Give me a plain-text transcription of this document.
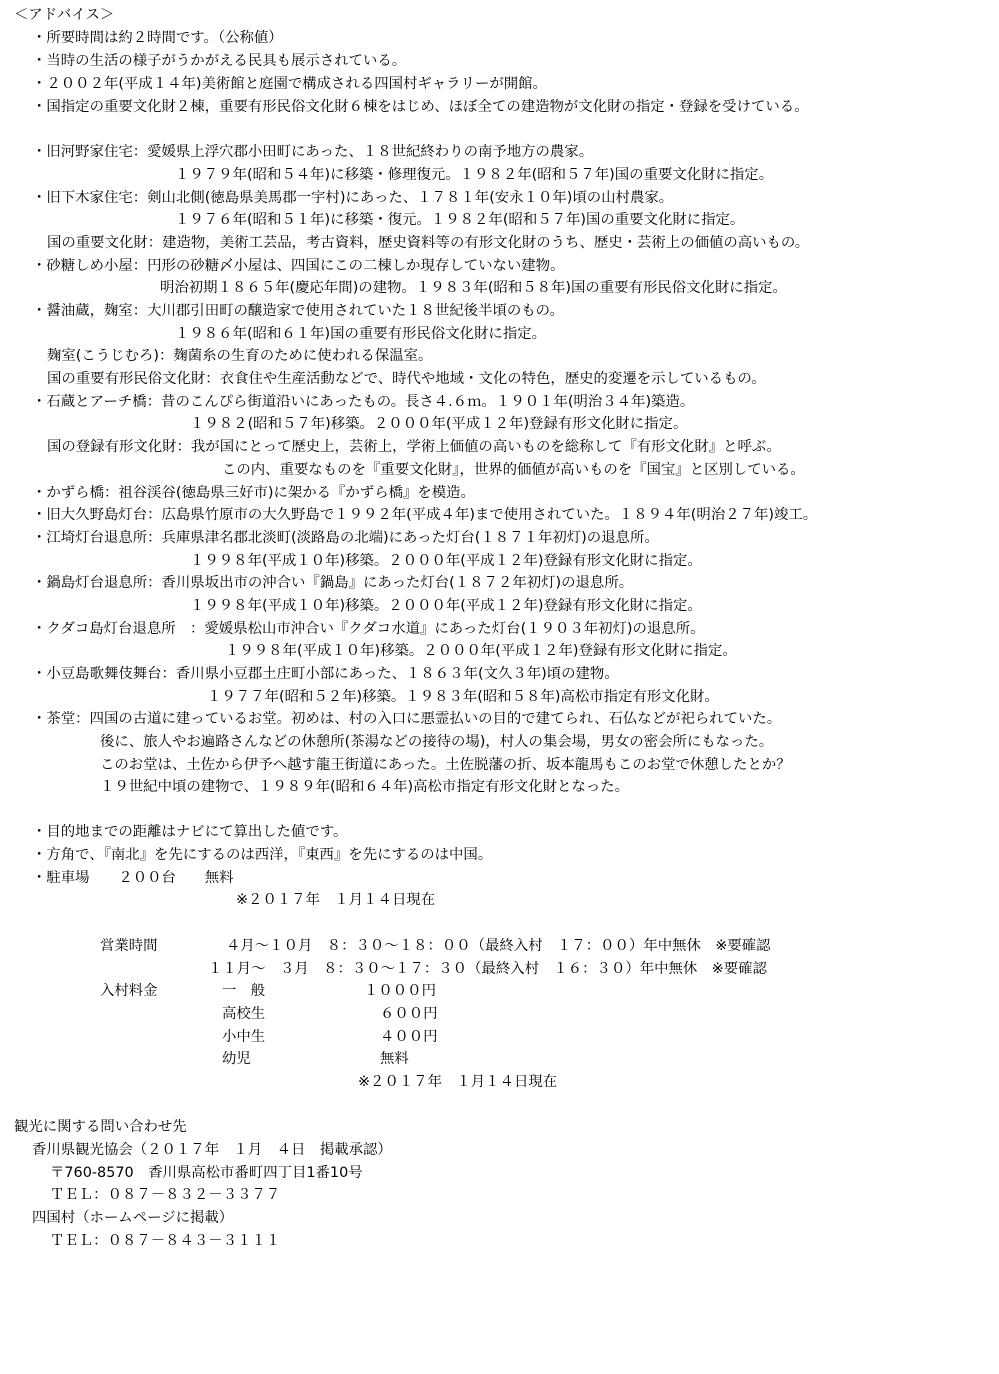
＜アドバイス＞
・所要時間は約２時間です。（公称値）
・当時の生活の様子がうかがえる民具も展示されている。
・２００２年(平成１４年)美術館と庭園で構成される四国村ギャラリーが開館。
・国指定の重要文化財２棟，重要有形民俗文化財６棟をはじめ、ほぼ全ての建造物が文化財の指定・登録を受けている。
・旧河野家住宅：愛媛県上浮穴郡小田町にあった、１８世紀終わりの南予地方の農家。
１９７９年(昭和５４年)に移築・修理復元。１９８２年(昭和５７年)国の重要文化財に指定。
・旧下木家住宅：剣山北側(徳島県美馬郡一宇村)にあった、１７８１年(安永１０年)頃の山村農家。
１９７６年(昭和５１年)に移築・復元。１９８２年(昭和５７年)国の重要文化財に指定。
国の重要文化財：建造物，美術工芸品，考古資料，歴史資料等の有形文化財のうち、歴史・芸術上の価値の高いもの。
・砂糖しめ小屋：円形の砂糖〆小屋は、四国にこの二棟しか現存していない建物。
明治初期１８６５年(慶応年間)の建物。１９８３年(昭和５８年)国の重要有形民俗文化財に指定。
・醤油蔵，麹室：大川郡引田町の醸造家で使用されていた１８世紀後半頃のもの。
１９８６年(昭和６１年)国の重要有形民俗文化財に指定。
麹室(こうじむろ)：麹菌糸の生育のために使われる保温室。
国の重要有形民俗文化財：衣食住や生産活動などで、時代や地域・文化の特色，歴史的変遷を示しているもの。
・石蔵とアーチ橋：昔のこんぴら街道沿いにあったもの。長さ４.６ｍ。１９０１年(明治３４年)築造。
１９８２(昭和５７年)移築。２０００年(平成１２年)登録有形文化財に指定。
国の登録有形文化財：我が国にとって歴史上，芸術上，学術上価値の高いものを総称して『有形文化財』と呼ぶ。
この内、重要なものを『重要文化財』，世界的価値が高いものを『国宝』と区別している。
・かずら橋：祖谷渓谷(徳島県三好市)に架かる『かずら橋』を模造。
・旧大久野島灯台：広島県竹原市の大久野島で１９９２年(平成４年)まで使用されていた。１８９４年(明治２７年)竣工。
・江埼灯台退息所：兵庫県津名郡北淡町(淡路島の北端)にあった灯台(１８７１年初灯)の退息所。
１９９８年(平成１０年)移築。２０００年(平成１２年)登録有形文化財に指定。
・鍋島灯台退息所：香川県坂出市の沖合い『鍋島』にあった灯台(１８７２年初灯)の退息所。
１９９８年(平成１０年)移築。２０００年(平成１２年)登録有形文化財に指定。
・クダコ島灯台退息所　：愛媛県松山市沖合い『クダコ水道』にあった灯台(１９０３年初灯)の退息所。
１９９８年(平成１０年)移築。２０００年(平成１２年)登録有形文化財に指定。
・小豆島歌舞伎舞台：香川県小豆郡土庄町小部にあった、１８６３年(文久３年)頃の建物。
１９７７年(昭和５２年)移築。１９８３年(昭和５８年)高松市指定有形文化財。
・茶堂：四国の古道に建っているお堂。初めは、村の入口に悪霊払いの目的で建てられ、石仏などが祀られていた。
後に、旅人やお遍路さんなどの休憩所(茶湯などの接待の場)，村人の集会場，男女の密会所にもなった。
このお堂は、土佐から伊予へ越す龍王街道にあった。土佐脱藩の折、坂本龍馬もこのお堂で休憩したとか？
１９世紀中頃の建物で、１９８９年(昭和６４年)高松市指定有形文化財となった。
・目的地までの距離はナビにて算出した値です。
・方角で、『南北』を先にするのは西洋，『東西』を先にするのは中国。
・駐車場　　２００台　　無料
※２０１７年　１月１４日現在
営業時間	４月～１０月　８：３０～１８：００（最終入村　１７：００）年中無休　※要確認
１１月～　３月　８：３０～１７：３０（最終入村　１６：３０）年中無休　※要確認
入村料金	一　般	１０００円
高校生	６００円
小中生	４００円
幼児	無料
※２０１７年　１月１４日現在
観光に関する問い合わせ先
香川県観光協会（２０１７年　１月　４日　掲載承認）
〒760-8570　香川県高松市番町四丁目1番10号
ＴＥＬ：０８７－８３２－３３７７
四国村（ホームページに掲載）
ＴＥＬ：０８７－８４３－３１１１
